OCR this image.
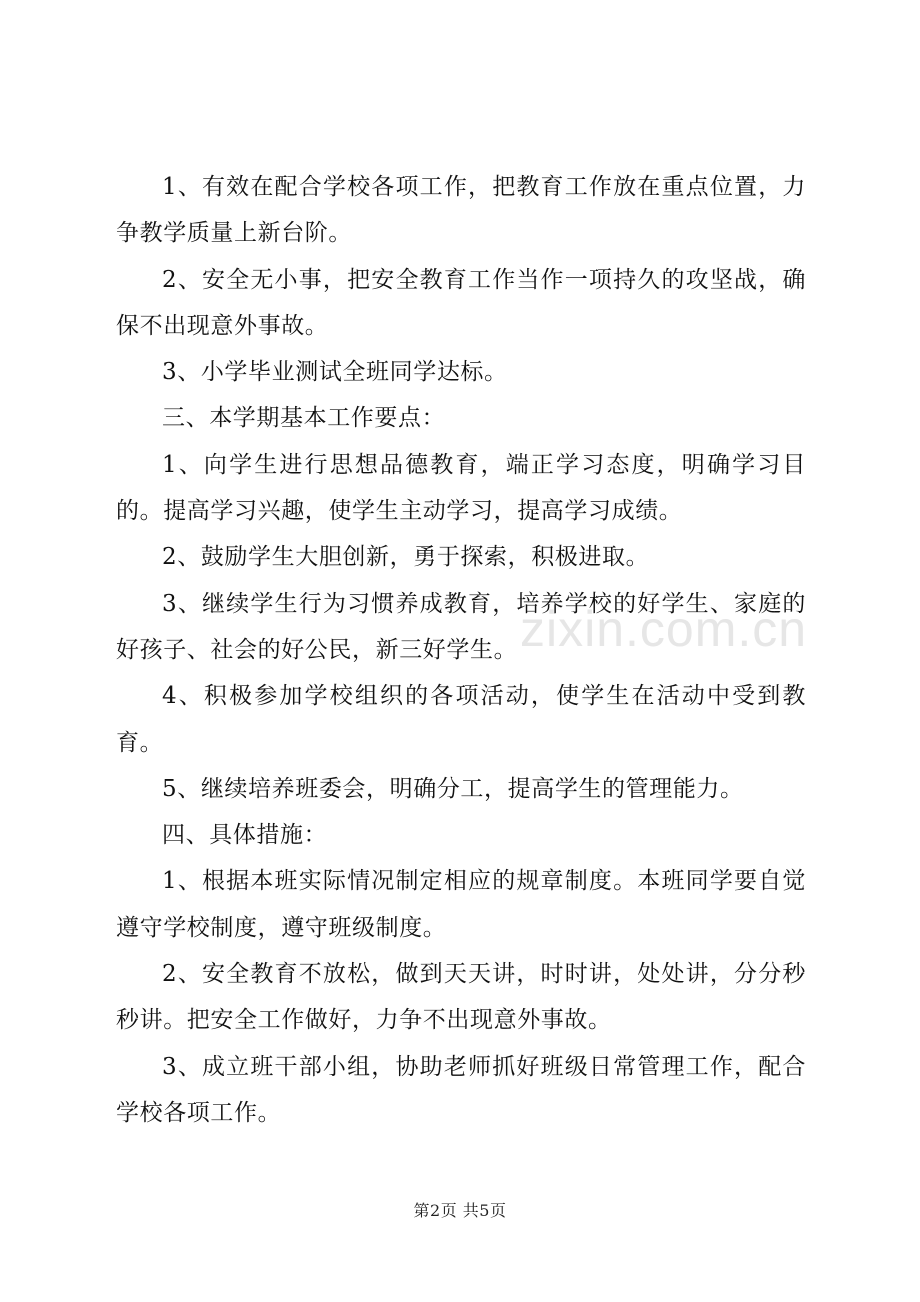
zixin.com.cn

1、有效在配合学校各项工作，把教育工作放在重点位置，力争教学质量上新台阶。

2、安全无小事，把安全教育工作当作一项持久的攻坚战，确保不出现意外事故。

3、小学毕业测试全班同学达标。

三、本学期基本工作要点：

1、向学生进行思想品德教育，端正学习态度，明确学习目的。提高学习兴趣，使学生主动学习，提高学习成绩。

2、鼓励学生大胆创新，勇于探索，积极进取。

3、继续学生行为习惯养成教育，培养学校的好学生、家庭的好孩子、社会的好公民，新三好学生。

4、积极参加学校组织的各项活动，使学生在活动中受到教育。

5、继续培养班委会，明确分工，提高学生的管理能力。

四、具体措施：

1、根据本班实际情况制定相应的规章制度。本班同学要自觉遵守学校制度，遵守班级制度。

2、安全教育不放松，做到天天讲，时时讲，处处讲，分分秒秒讲。把安全工作做好，力争不出现意外事故。

3、成立班干部小组，协助老师抓好班级日常管理工作，配合学校各项工作。

第2页 共5页
